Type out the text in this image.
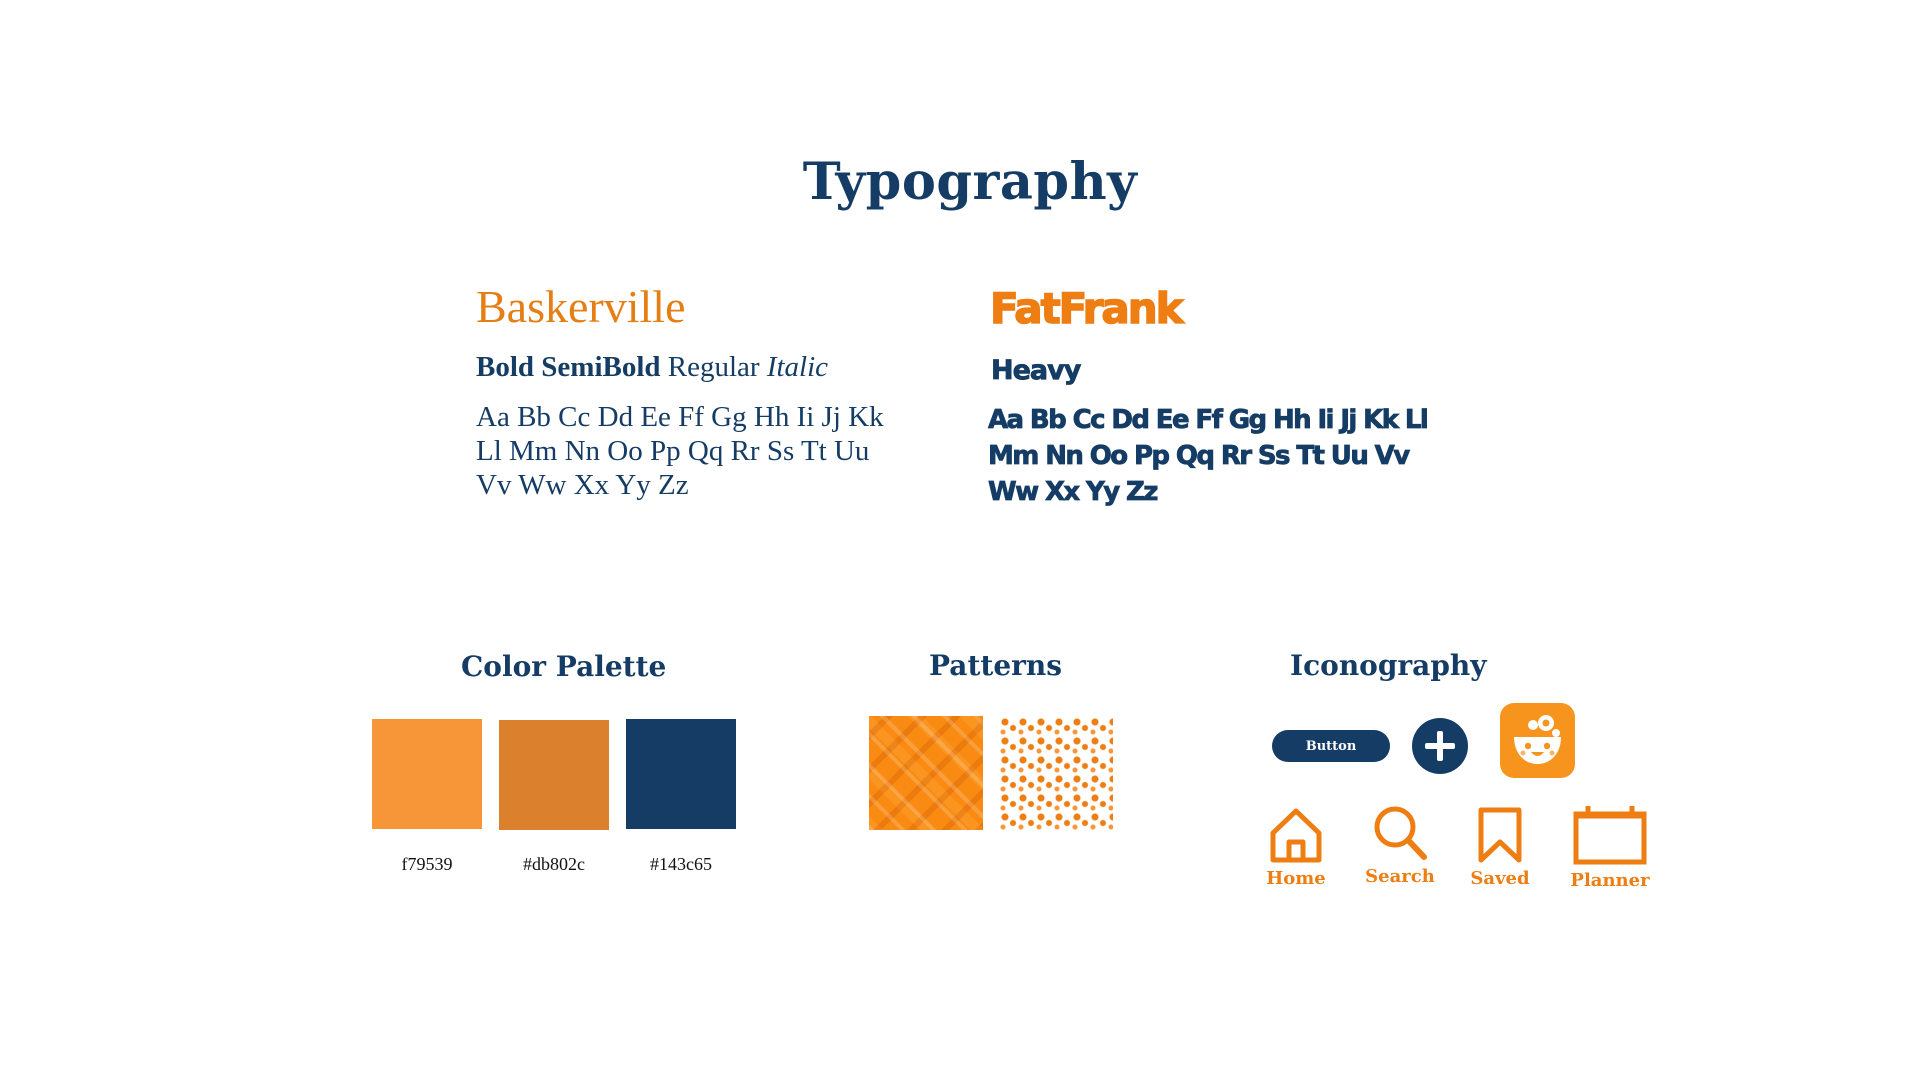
Typography
Baskerville
Bold SemiBold Regular Italic
Aa Bb Cc Dd Ee Ff Gg Hh Ii Jj Kk
Ll Mm Nn Oo Pp Qq Rr Ss Tt Uu
Vv Ww Xx Yy Zz
FatFrank
Heavy
Aa Bb Cc Dd Ee Ff Gg Hh Ii Jj Kk Ll
Mm Nn Oo Pp Qq Rr Ss Tt Uu Vv
Ww Xx Yy Zz
Color Palette	Patterns	Iconography
f79539	#db802c	#143c65
Button
Home	Search	Saved	Planner
